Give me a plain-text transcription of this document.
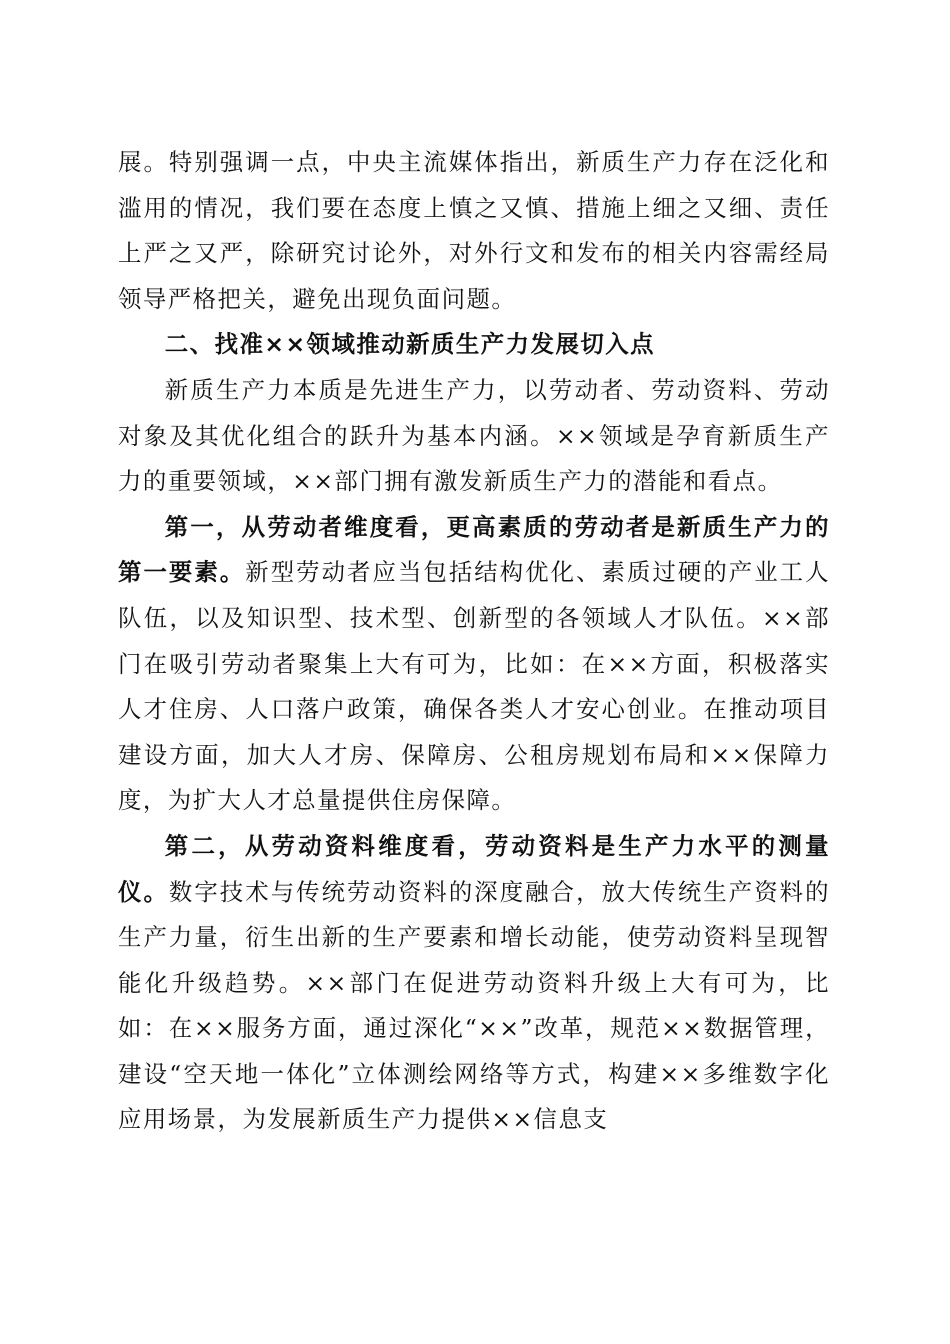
展。特别强调一点，中央主流媒体指出，新质生产力存在泛化和滥用的情况，我们要在态度上慎之又慎、措施上细之又细、责任上严之又严，除研究讨论外，对外行文和发布的相关内容需经局领导严格把关，避免出现负面问题。

二、找准××领域推动新质生产力发展切入点

新质生产力本质是先进生产力，以劳动者、劳动资料、劳动对象及其优化组合的跃升为基本内涵。××领域是孕育新质生产力的重要领域，××部门拥有激发新质生产力的潜能和看点。

第一，从劳动者维度看，更高素质的劳动者是新质生产力的第一要素。新型劳动者应当包括结构优化、素质过硬的产业工人队伍，以及知识型、技术型、创新型的各领域人才队伍。××部门在吸引劳动者聚集上大有可为，比如：在××方面，积极落实人才住房、人口落户政策，确保各类人才安心创业。在推动项目建设方面，加大人才房、保障房、公租房规划布局和××保障力度，为扩大人才总量提供住房保障。

第二，从劳动资料维度看，劳动资料是生产力水平的测量仪。数字技术与传统劳动资料的深度融合，放大传统生产资料的生产力量，衍生出新的生产要素和增长动能，使劳动资料呈现智能化升级趋势。××部门在促进劳动资料升级上大有可为，比如：在××服务方面，通过深化“××”改革，规范××数据管理，建设“空天地一体化”立体测绘网络等方式，构建××多维数字化应用场景，为发展新质生产力提供××信息支
